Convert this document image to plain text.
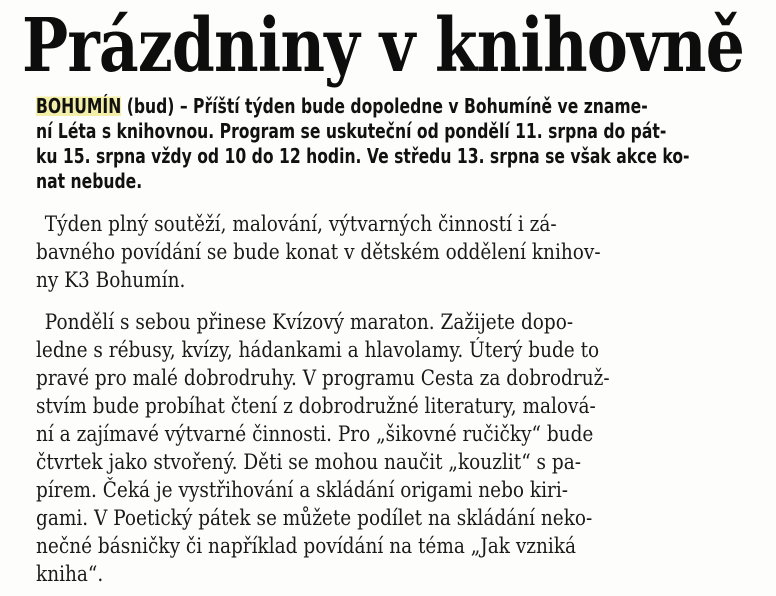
Prázdniny v knihovně

BOHUMÍN (bud) – Příští týden bude dopoledne v Bohumíně ve zname-
ní Léta s knihovnou. Program se uskuteční od pondělí 11. srpna do pát-
ku 15. srpna vždy od 10 do 12 hodin. Ve středu 13. srpna se však akce ko-
nat nebude.

Týden plný soutěží, malování, výtvarných činností i zá-
bavného povídání se bude konat v dětském oddělení knihov-
ny K3 Bohumín.

Pondělí s sebou přinese Kvízový maraton. Zažijete dopo-
ledne s rébusy, kvízy, hádankami a hlavolamy. Úterý bude to
pravé pro malé dobrodruhy. V programu Cesta za dobrodruž-
stvím bude probíhat čtení z dobrodružné literatury, malová-
ní a zajímavé výtvarné činnosti. Pro „šikovné ručičky“ bude
čtvrtek jako stvořený. Děti se mohou naučit „kouzlit“ s pa-
pírem. Čeká je vystřihování a skládání origami nebo kiri-
gami. V Poetický pátek se můžete podílet na skládání neko-
nečné básničky či například povídání na téma „Jak vzniká
kniha“.
